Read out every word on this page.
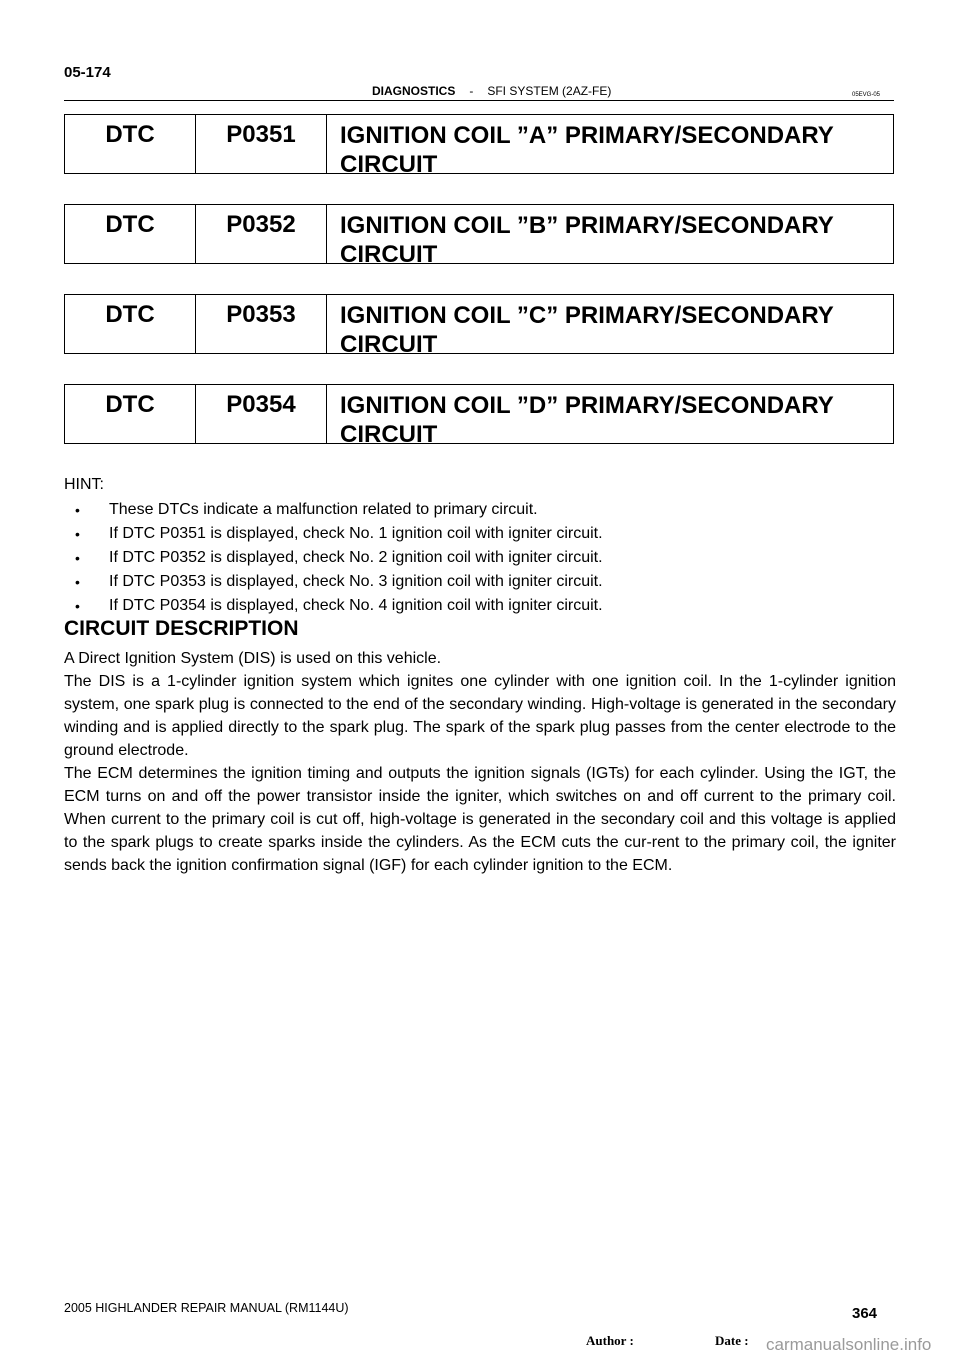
05-174
DIAGNOSTICS - SFI SYSTEM (2AZ-FE)	05EVG-05
DTC	P0351	IGNITION COIL ”A” PRIMARY/SECONDARY
CIRCUIT
DTC	P0352	IGNITION COIL ”B” PRIMARY/SECONDARY
CIRCUIT
DTC	P0353	IGNITION COIL ”C” PRIMARY/SECONDARY
CIRCUIT
DTC	P0354	IGNITION COIL ”D” PRIMARY/SECONDARY
CIRCUIT
HINT:
• These DTCs indicate a malfunction related to primary circuit.
• If DTC P0351 is displayed, check No. 1 ignition coil with igniter circuit.
• If DTC P0352 is displayed, check No. 2 ignition coil with igniter circuit.
• If DTC P0353 is displayed, check No. 3 ignition coil with igniter circuit.
• If DTC P0354 is displayed, check No. 4 ignition coil with igniter circuit.
CIRCUIT DESCRIPTION

A Direct Ignition System (DIS) is used on this vehicle.

The DIS is a 1-cylinder ignition system which ignites one cylinder with one ignition coil. In the 1-cylinder ignition system, one spark plug is connected to the end of the secondary winding. High-voltage is generated in the secondary winding and is applied directly to the spark plug. The spark of the spark plug passes from the center electrode to the ground electrode.

The ECM determines the ignition timing and outputs the ignition signals (IGTs) for each cylinder. Using the IGT, the ECM turns on and off the power transistor inside the igniter, which switches on and off current to the primary coil. When current to the primary coil is cut off, high-voltage is generated in the secondary coil and this voltage is applied to the spark plugs to create sparks inside the cylinders. As the ECM cuts the cur-rent to the primary coil, the igniter sends back the ignition confirmation signal (IGF) for each cylinder ignition to the ECM.

2005 HIGHLANDER REPAIR MANUAL (RM1144U)	364
Author :	Date : carmanualsonline.info
